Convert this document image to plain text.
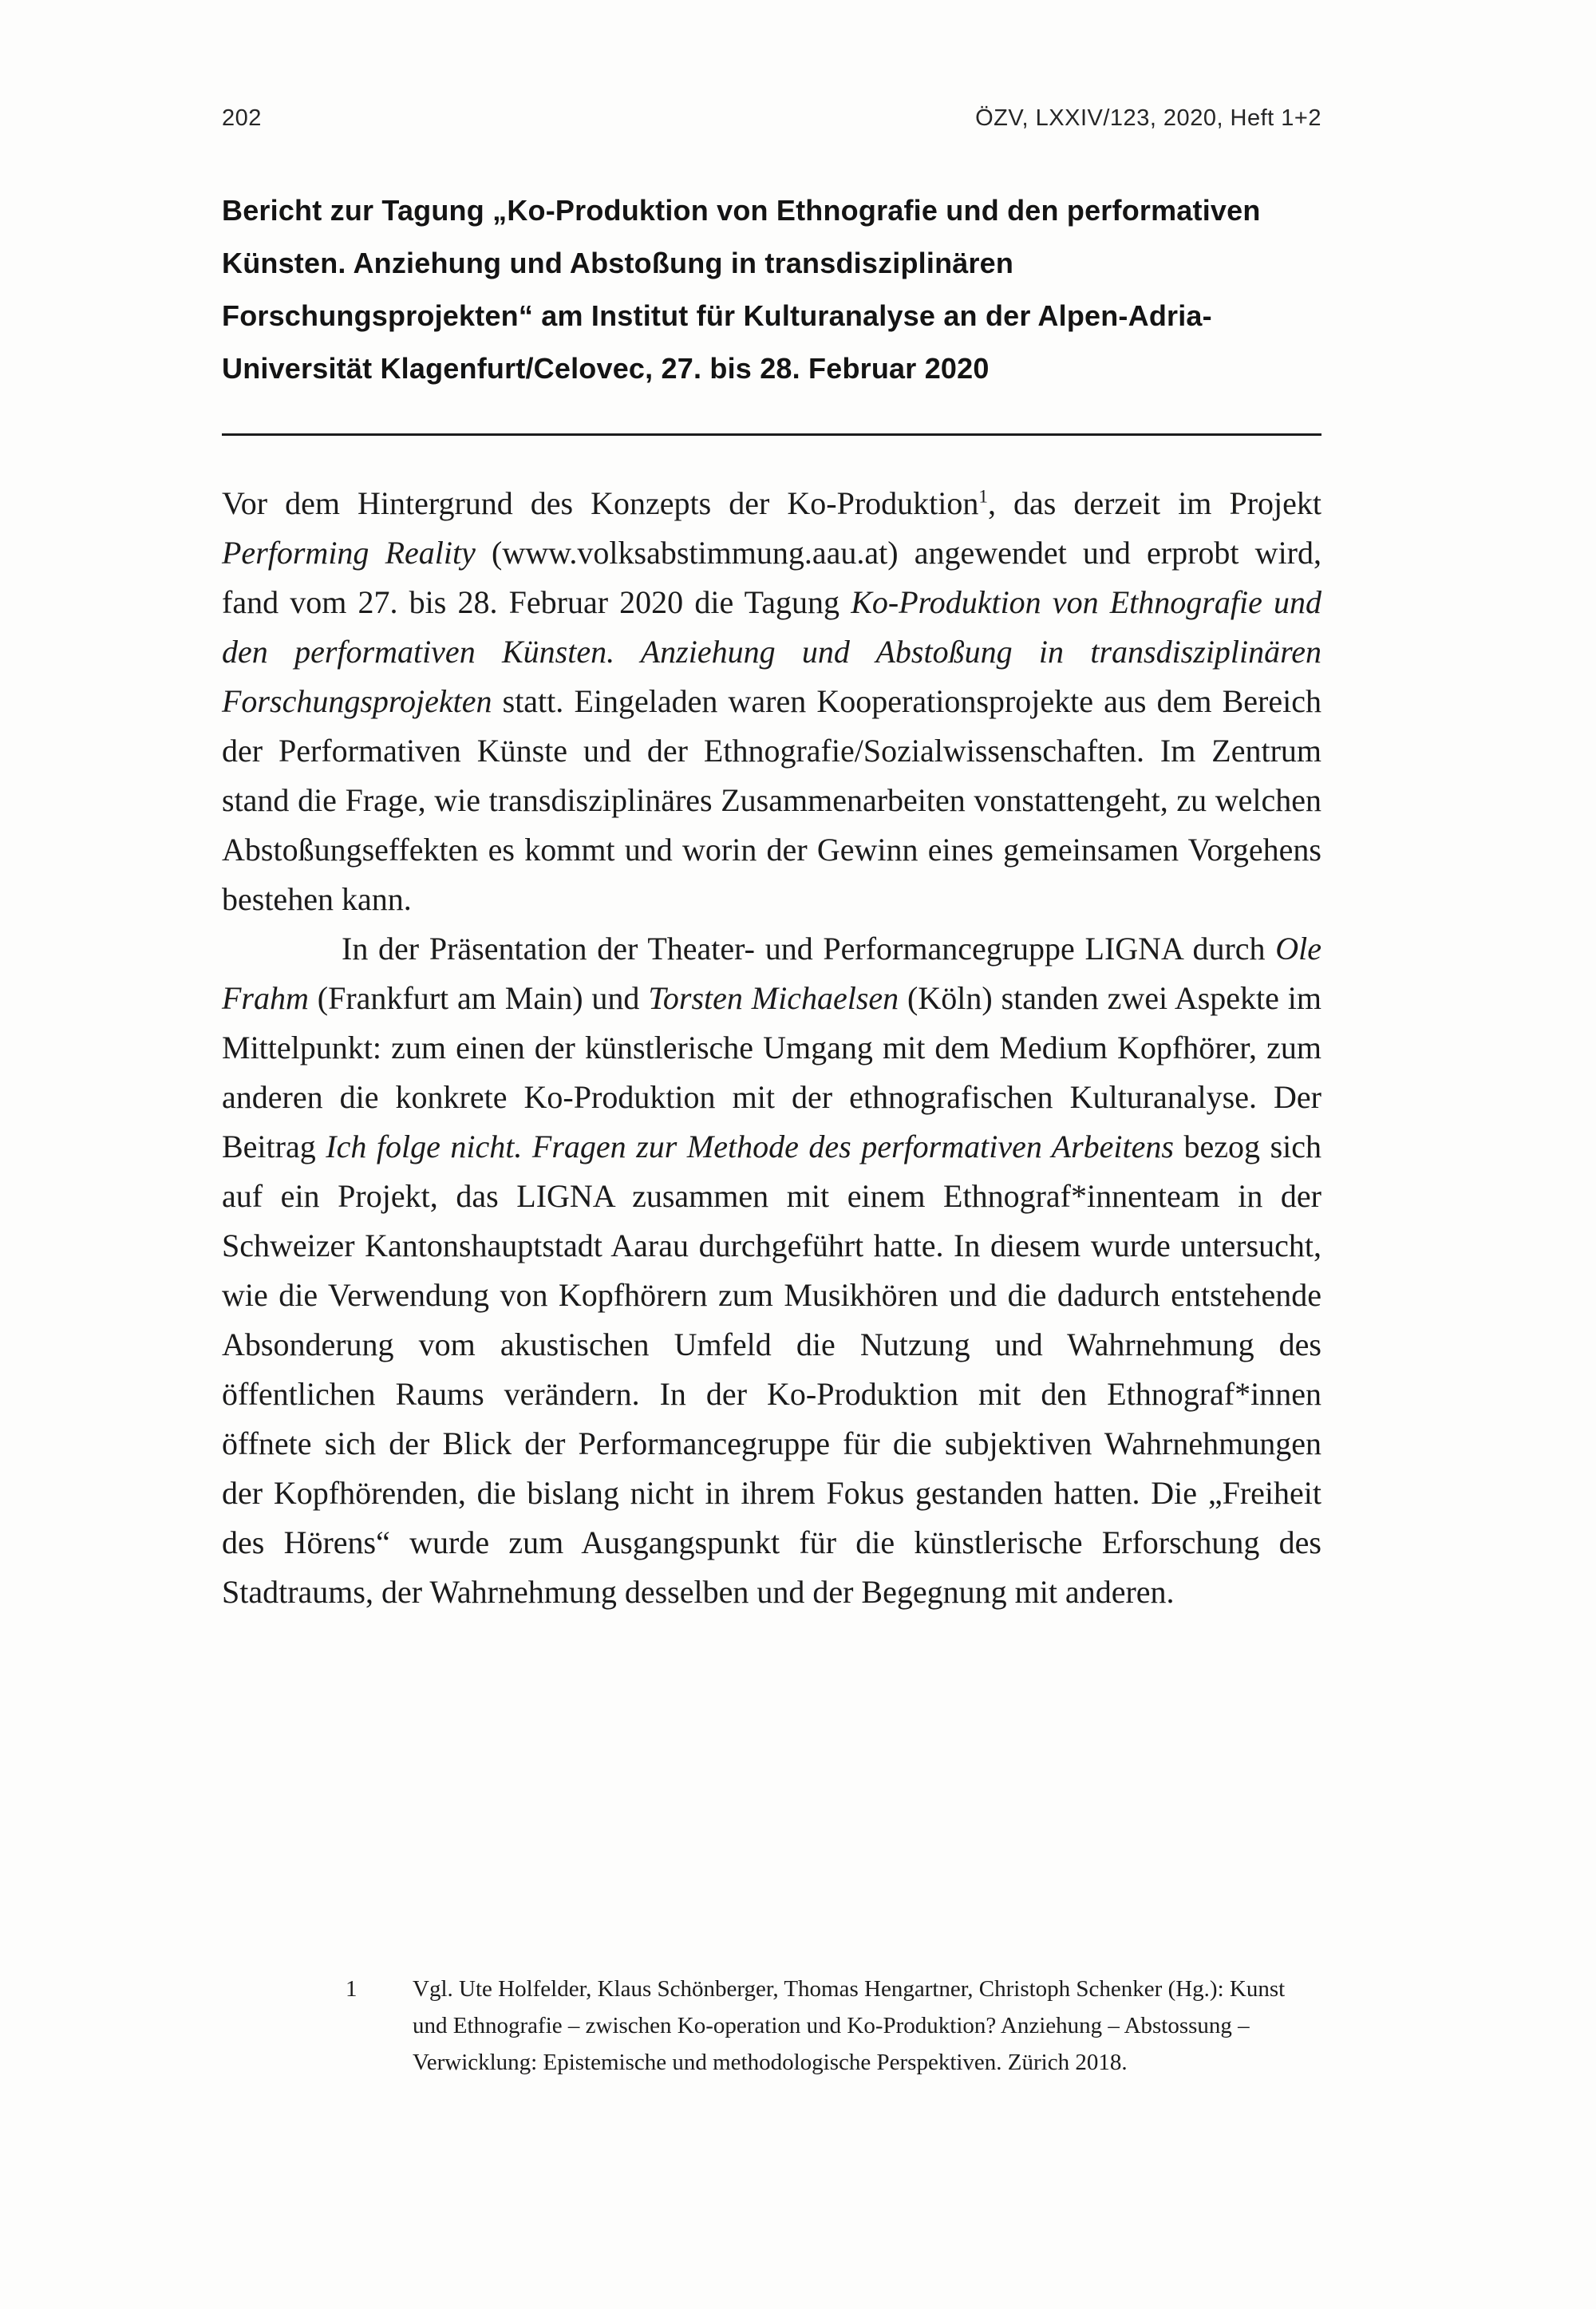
202	ÖZV, LXXIV/123, 2020, Heft 1+2
Bericht zur Tagung „Ko-Produktion von Ethnografie und den performativen Künsten. Anziehung und Abstoßung in transdisziplinären Forschungsprojekten“ am Institut für Kulturanalyse an der Alpen-Adria-Universität Klagenfurt/Celovec, 27. bis 28. Februar 2020

Vor dem Hintergrund des Konzepts der Ko-Produktion$^1$, das derzeit im Projekt Performing Reality (www.volksabstimmung.aau.at) angewendet und erprobt wird, fand vom 27. bis 28. Februar 2020 die Tagung Ko-Produktion von Ethnografie und den performativen Künsten. Anziehung und Abstoßung in transdisziplinären Forschungsprojekten statt. Eingeladen waren Kooperationsprojekte aus dem Bereich der Performativen Künste und der Ethnografie/Sozialwissenschaften. Im Zentrum stand die Frage, wie transdisziplinäres Zusammenarbeiten vonstattengeht, zu welchen Abstoßungseffekten es kommt und worin der Gewinn eines gemeinsamen Vorgehens bestehen kann.

In der Präsentation der Theater- und Performancegruppe LIGNA durch Ole Frahm (Frankfurt am Main) und Torsten Michaelsen (Köln) standen zwei Aspekte im Mittelpunkt: zum einen der künstlerische Umgang mit dem Medium Kopfhörer, zum anderen die konkrete Ko-Produktion mit der ethnografischen Kulturanalyse. Der Beitrag Ich folge nicht. Fragen zur Methode des performativen Arbeitens bezog sich auf ein Projekt, das LIGNA zusammen mit einem Ethnograf*innenteam in der Schweizer Kantonshauptstadt Aarau durchgeführt hatte. In diesem wurde untersucht, wie die Verwendung von Kopfhörern zum Musikhören und die dadurch entstehende Absonderung vom akustischen Umfeld die Nutzung und Wahrnehmung des öffentlichen Raums verändern. In der Ko-Produktion mit den Ethnograf*innen öffnete sich der Blick der Performancegruppe für die subjektiven Wahrnehmungen der Kopfhörenden, die bislang nicht in ihrem Fokus gestanden hatten. Die „Freiheit des Hörens“ wurde zum Ausgangspunkt für die künstlerische Erforschung des Stadtraums, der Wahrnehmung desselben und der Begegnung mit anderen.

1	Vgl. Ute Holfelder, Klaus Schönberger, Thomas Hengartner, Christoph Schenker (Hg.): Kunst und Ethnografie – zwischen Ko-operation und Ko-Produktion? Anziehung – Abstossung – Verwicklung: Epistemische und methodologische Perspektiven. Zürich 2018.
